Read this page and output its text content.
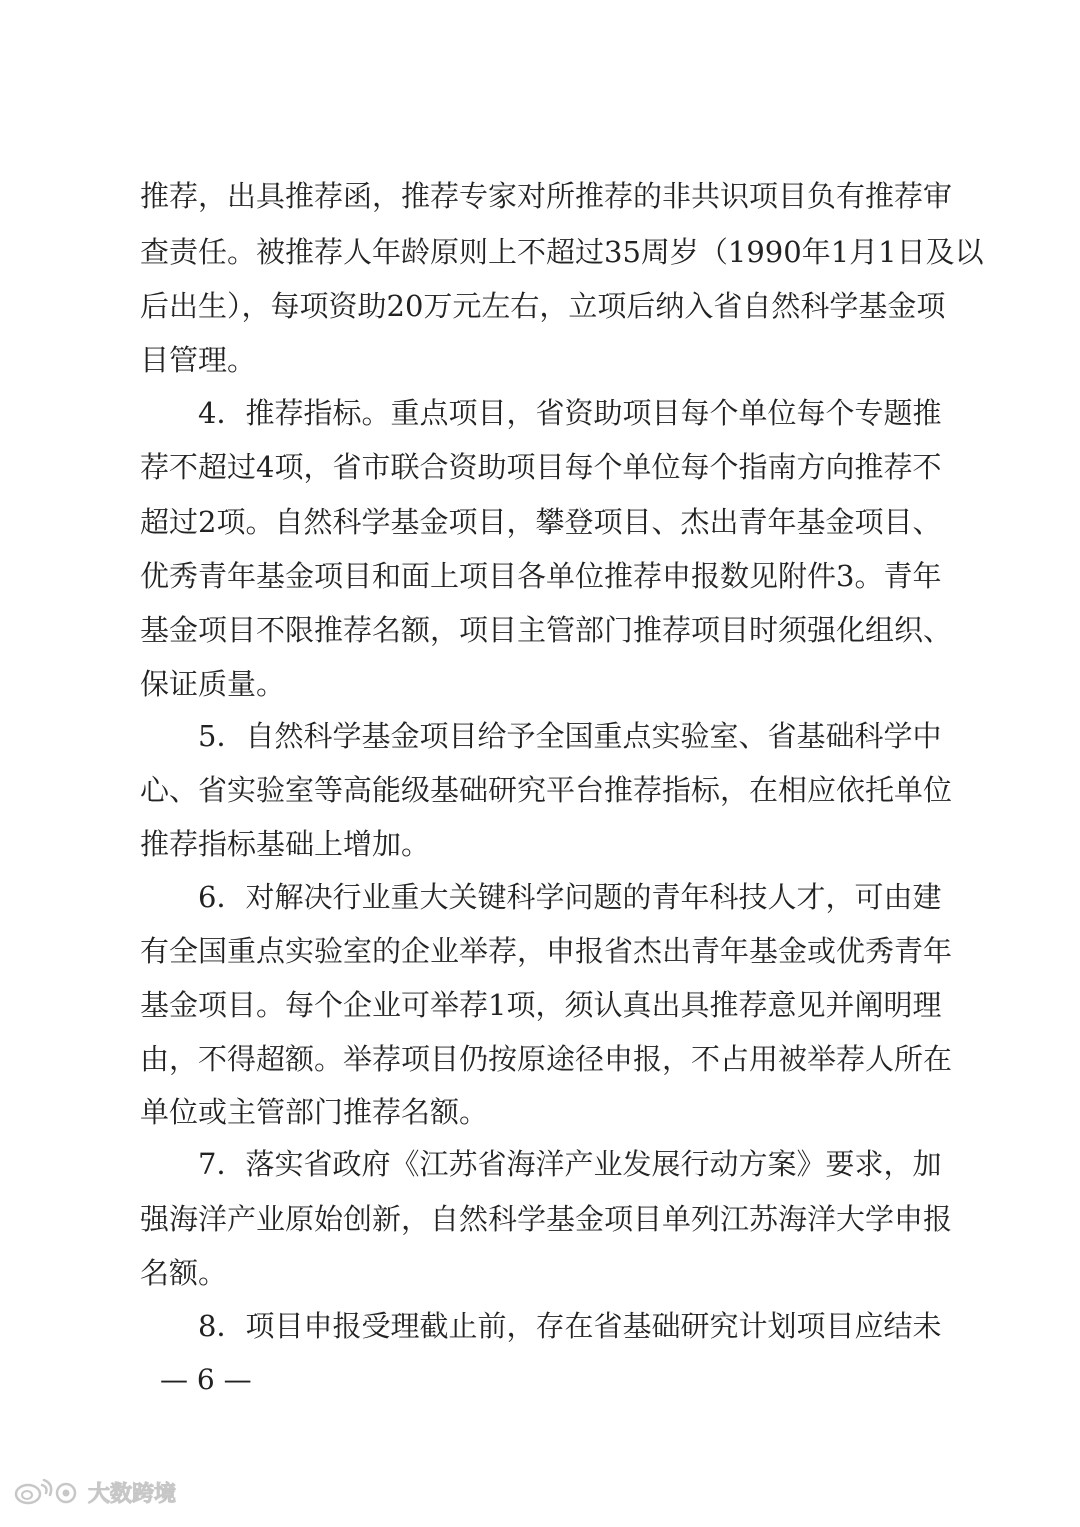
推荐，出具推荐函，推荐专家对所推荐的非共识项目负有推荐审
查责任。被推荐人年龄原则上不超过35周岁（1990年1月1日及以
后出生），每项资助20万元左右，立项后纳入省自然科学基金项
目管理。
4．推荐指标。重点项目，省资助项目每个单位每个专题推
荐不超过4项，省市联合资助项目每个单位每个指南方向推荐不
超过2项。自然科学基金项目，攀登项目、杰出青年基金项目、
优秀青年基金项目和面上项目各单位推荐申报数见附件3。青年
基金项目不限推荐名额，项目主管部门推荐项目时须强化组织、
保证质量。
5．自然科学基金项目给予全国重点实验室、省基础科学中
心、省实验室等高能级基础研究平台推荐指标，在相应依托单位
推荐指标基础上增加。
6．对解决行业重大关键科学问题的青年科技人才，可由建
有全国重点实验室的企业举荐，申报省杰出青年基金或优秀青年
基金项目。每个企业可举荐1项，须认真出具推荐意见并阐明理
由，不得超额。举荐项目仍按原途径申报，不占用被举荐人所在
单位或主管部门推荐名额。
7．落实省政府《江苏省海洋产业发展行动方案》要求，加
强海洋产业原始创新，自然科学基金项目单列江苏海洋大学申报
名额。
8．项目申报受理截止前，存在省基础研究计划项目应结未
— 6 —
大数跨境
